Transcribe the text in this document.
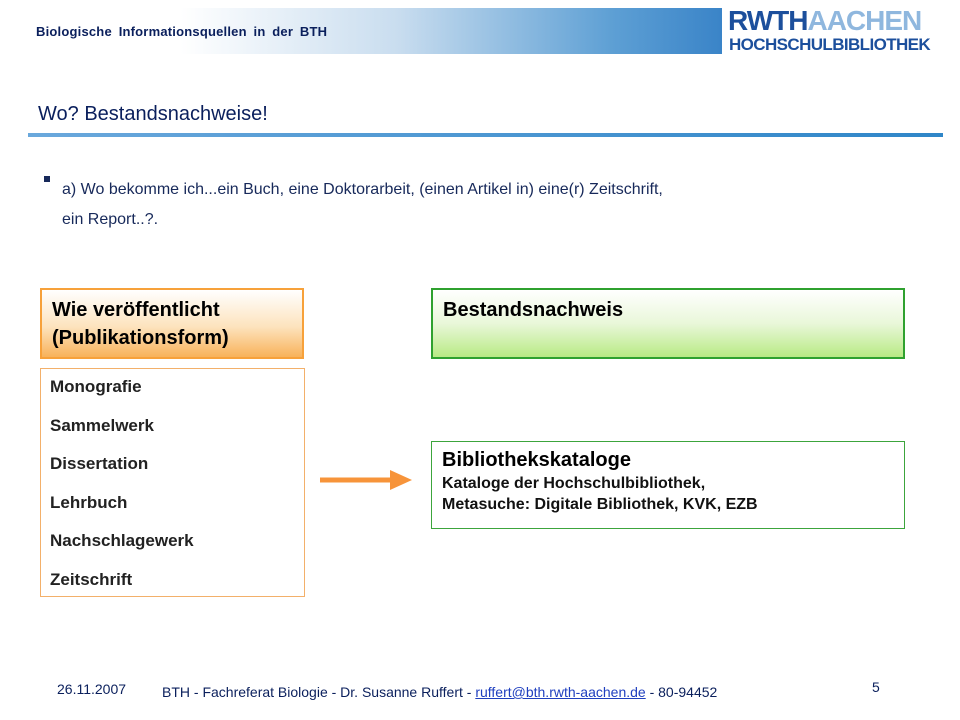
Biologische Informationsquellen in der BTH	RWTHAACHEN
HOCHSCHULBIBLIOTHEK
Wo? Bestandsnachweise!
a) Wo bekomme ich...ein Buch, eine Doktorarbeit, (einen Artikel in) eine(r) Zeitschrift,
ein Report..?.
Wie veröffentlicht
(Publikationsform)
Bestandsnachweis
Monografie
Sammelwerk
Dissertation
Lehrbuch
Nachschlagewerk
Zeitschrift
Bibliothekskataloge
Kataloge der Hochschulbibliothek,
Metasuche: Digitale Bibliothek, KVK, EZB
26.11.2007	BTH - Fachreferat Biologie - Dr. Susanne Ruffert - ruffert@bth.rwth-aachen.de - 80-94452	5
